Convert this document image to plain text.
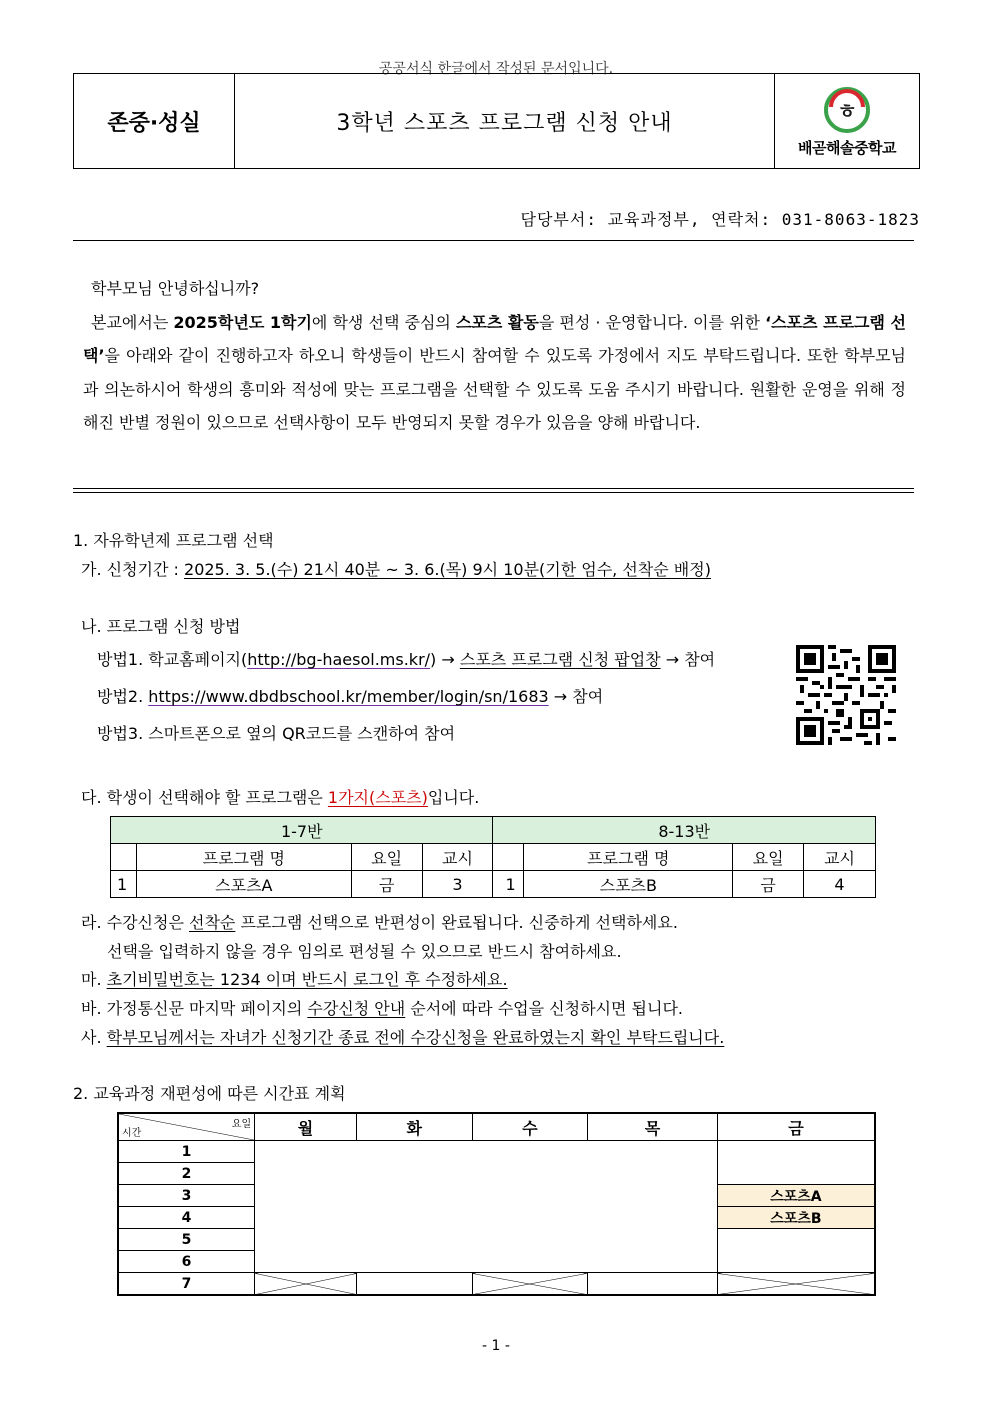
공공서식 한글에서 작성된 문서입니다.
존중·성실	3학년 스포츠 프로그램 신청 안내	ㅎ
배곧해솔중학교
담당부서: 교육과정부, 연락처: 031-8063-1823

학부모님 안녕하십니까?

본교에서는 2025학년도 1학기에 학생 선택 중심의 스포츠 활동을 편성 · 운영합니다. 이를 위한 ‘스포츠 프로그램 선택’을 아래와 같이 진행하고자 하오니 학생들이 반드시 참여할 수 있도록 가정에서 지도 부탁드립니다. 또한 학부모님과 의논하시어 학생의 흥미와 적성에 맞는 프로그램을 선택할 수 있도록 도움 주시기 바랍니다. 원활한 운영을 위해 정해진 반별 정원이 있으므로 선택사항이 모두 반영되지 못할 경우가 있음을 양해 바랍니다.

1. 자유학년제 프로그램 선택
가. 신청기간 : 2025. 3. 5.(수) 21시 40분 ~ 3. 6.(목) 9시 10분(기한 엄수, 선착순 배정)
나. 프로그램 신청 방법
방법1. 학교홈페이지(http://bg-haesol.ms.kr/) → 스포츠 프로그램 신청 팝업창 → 참여
방법2. https://www.dbdbschool.kr/member/login/sn/1683 → 참여
방법3. 스마트폰으로 옆의 QR코드를 스캔하여 참여
다. 학생이 선택해야 할 프로그램은 1가지(스포츠)입니다.
1-7반				8-13반			
	프로그램 명	요일	교시		프로그램 명	요일	교시
1	스포츠A	금	3	1	스포츠B	금	4
라. 수강신청은 선착순 프로그램 선택으로 반편성이 완료됩니다. 신중하게 선택하세요.
선택을 입력하지 않을 경우 임의로 편성될 수 있으므로 반드시 참여하세요.
마. 초기비밀번호는 1234 이며 반드시 로그인 후 수정하세요.
바. 가정통신문 마지막 페이지의 수강신청 안내 순서에 따라 수업을 신청하시면 됩니다.
사. 학부모님께서는 자녀가 신청기간 종료 전에 수강신청을 완료하였는지 확인 부탁드립니다.
2. 교육과정 재편성에 따른 시간표 계획
요일
시간	월	화	수	목	금
1					
2					
3					스포츠A
4					스포츠B
5					
6					
7					
- 1 -
